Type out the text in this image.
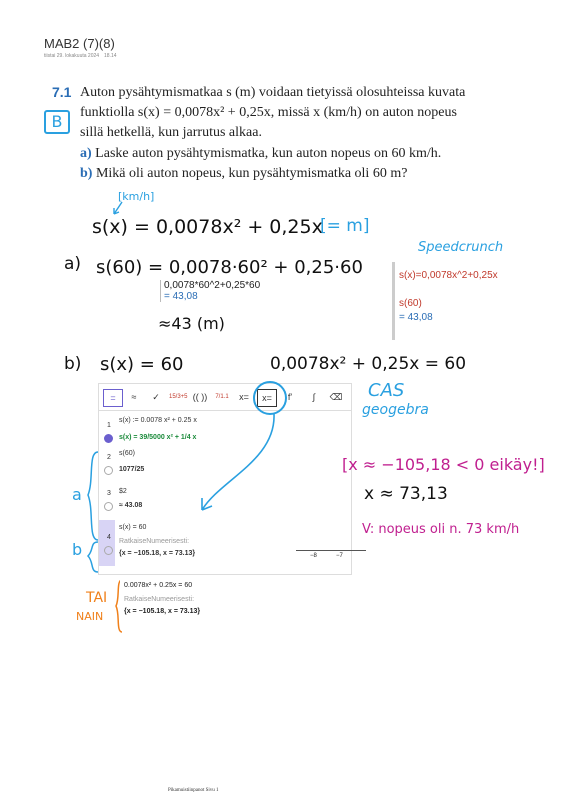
MAB2 (7)(8)
tiistai 29. lokakuuta 2024 18.14
7.1 Auton pysähtymismatkaa s (m) voidaan tietyissä olosuhteissa kuvata
funktiolla s(x) = 0,0078x² + 0,25x, missä x (km/h) on auton nopeus
sillä hetkellä, kun jarrutus alkaa.
B
a) Laske auton pysähtymismatka, kun auton nopeus on 60 km/h.
b) Mikä oli auton nopeus, kun pysähtymismatka oli 60 m?
[km/h]
s(x) = 0,0078x² + 0,25x
[= m]
a) s(60) = 0,0078·60² + 0,25·60
0,0078*60^2+0,25*60
= 43,08
≈43 (m)
Speedcrunch
s(x)=0,0078x^2+0,25x
s(60)
= 43,08
b) s(x) = 60	0,0078x² + 0,25x = 60
CAS
geogebra
=	≈	✓	15/3+5 (( ))	7/1.1	x=	x=	f'	∫	⌫
1
s(x) := 0.0078 x² + 0.25 x
s(x) = 39/5000 x² + 1/4 x
2
s(60)
1077/25
3	$2
≈ 43.08
4
s(x) = 60
RatkaiseNumeerisesti:
{x = −105.18, x = 73.13}	−8	−7
a
b
[x ≈ −105,18 < 0 eikäy!]
x ≈ 73,13
V: nopeus oli n. 73 km/h
TAI
NAIN
0.0078x² + 0.25x = 60
RatkaiseNumeerisesti:
{x = −105.18, x = 73.13}
Pikamuistiinpanot Sivu 1
